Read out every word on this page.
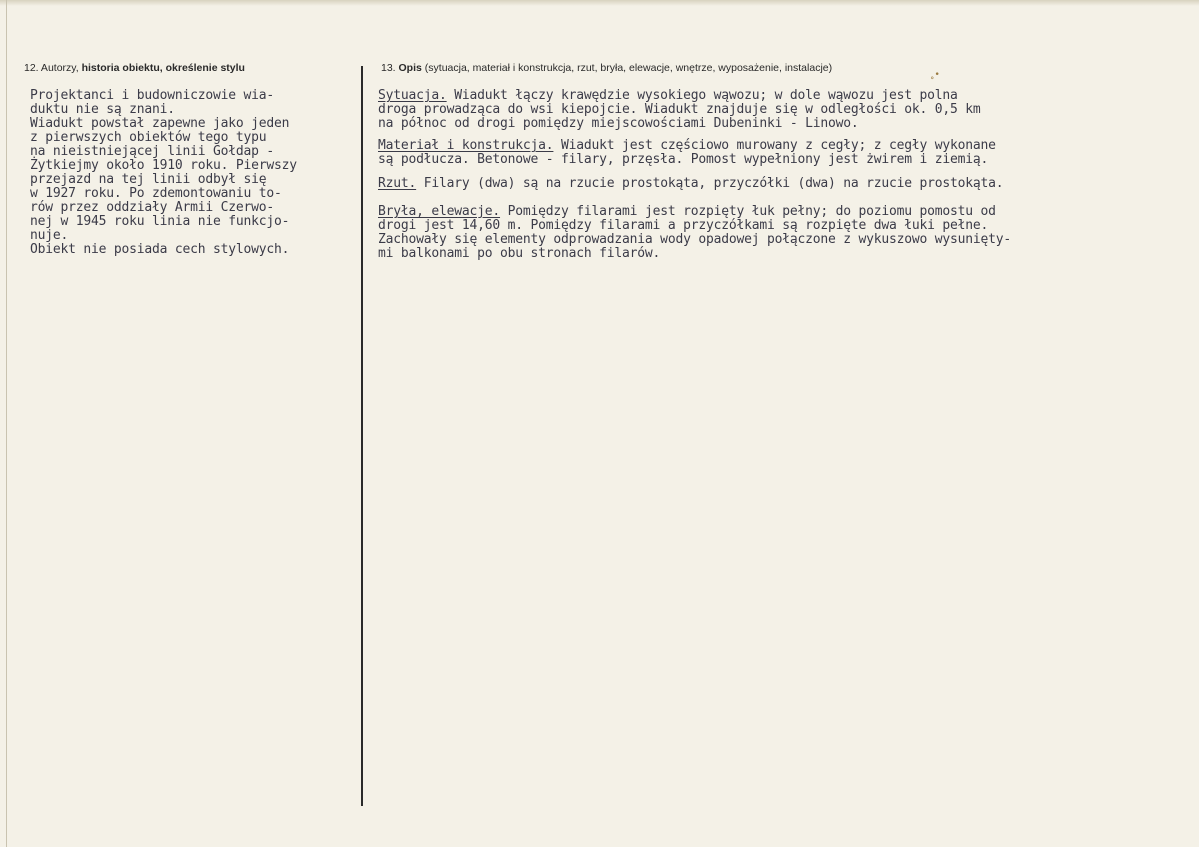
12. Autorzy, historia obiektu, określenie stylu	13. Opis (sytuacja, materiał i konstrukcja, rzut, bryła, elewacje, wnętrze, wyposażenie, instalacje)
˳•
Projektanci i budowniczowie wia-
duktu nie są znani.
Wiadukt powstał zapewne jako jeden
z pierwszych obiektów tego typu
na nieistniejącej linii Gołdap -
Żytkiejmy około 1910 roku. Pierwszy
przejazd na tej linii odbył się
w 1927 roku. Po zdemontowaniu to-
rów przez oddziały Armii Czerwo-
nej w 1945 roku linia nie funkcjo-
nuje.
Obiekt nie posiada cech stylowych.
Sytuacja. Wiadukt łączy krawędzie wysokiego wąwozu; w dole wąwozu jest polna
droga prowadząca do wsi kiepojcie. Wiadukt znajduje się w odległości ok. 0,5 km
na północ od drogi pomiędzy miejscowościami Dubeninki - Linowo.
Materiał i konstrukcja. Wiadukt jest częściowo murowany z cegły; z cegły wykonane
są podłucza. Betonowe - filary, przęsła. Pomost wypełniony jest żwirem i ziemią.
Rzut. Filary (dwa) są na rzucie prostokąta, przyczółki (dwa) na rzucie prostokąta.
Bryła, elewacje. Pomiędzy filarami jest rozpięty łuk pełny; do poziomu pomostu od
drogi jest 14,60 m. Pomiędzy filarami a przyczółkami są rozpięte dwa łuki pełne.
Zachowały się elementy odprowadzania wody opadowej połączone z wykuszowo wysunięty-
mi balkonami po obu stronach filarów.
